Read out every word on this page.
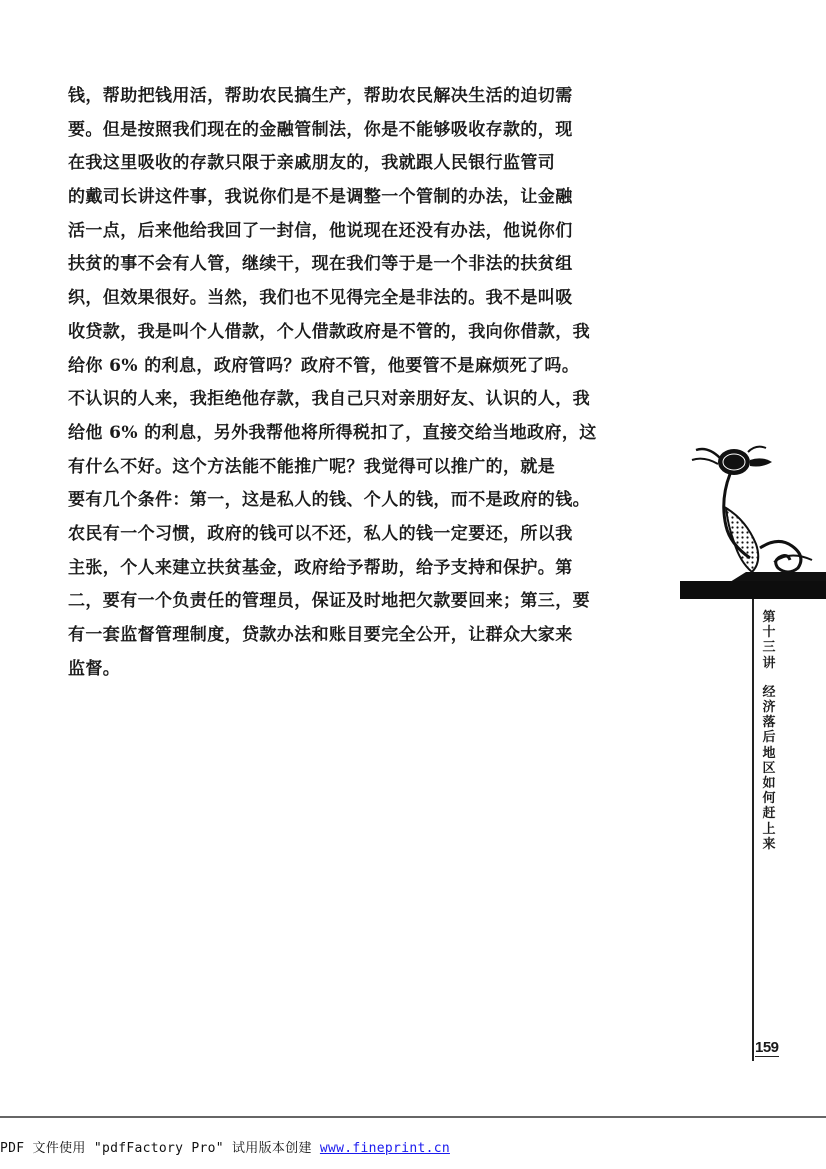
钱，帮助把钱用活，帮助农民搞生产，帮助农民解决生活的迫切需
要。但是按照我们现在的金融管制法，你是不能够吸收存款的，现
在我这里吸收的存款只限于亲戚朋友的，我就跟人民银行监管司
的戴司长讲这件事，我说你们是不是调整一个管制的办法，让金融
活一点，后来他给我回了一封信，他说现在还没有办法，他说你们
扶贫的事不会有人管，继续干，现在我们等于是一个非法的扶贫组
织，但效果很好。当然，我们也不见得完全是非法的。我不是叫吸
收贷款，我是叫个人借款，个人借款政府是不管的，我向你借款，我
给你 6% 的利息，政府管吗？政府不管，他要管不是麻烦死了吗。
不认识的人来，我拒绝他存款，我自己只对亲朋好友、认识的人，我
给他 6% 的利息，另外我帮他将所得税扣了，直接交给当地政府，这
有什么不好。这个方法能不能推广呢？我觉得可以推广的，就是
要有几个条件：第一，这是私人的钱、个人的钱，而不是政府的钱。
农民有一个习惯，政府的钱可以不还，私人的钱一定要还，所以我
主张，个人来建立扶贫基金，政府给予帮助，给予支持和保护。第
二，要有一个负责任的管理员，保证及时地把欠款要回来；第三，要
有一套监督管理制度，贷款办法和账目要完全公开，让群众大家来
监督。
第十三讲
经济落后地区如何赶上来
159
PDF 文件使用 "pdfFactory Pro" 试用版本创建 www.fineprint.cn
